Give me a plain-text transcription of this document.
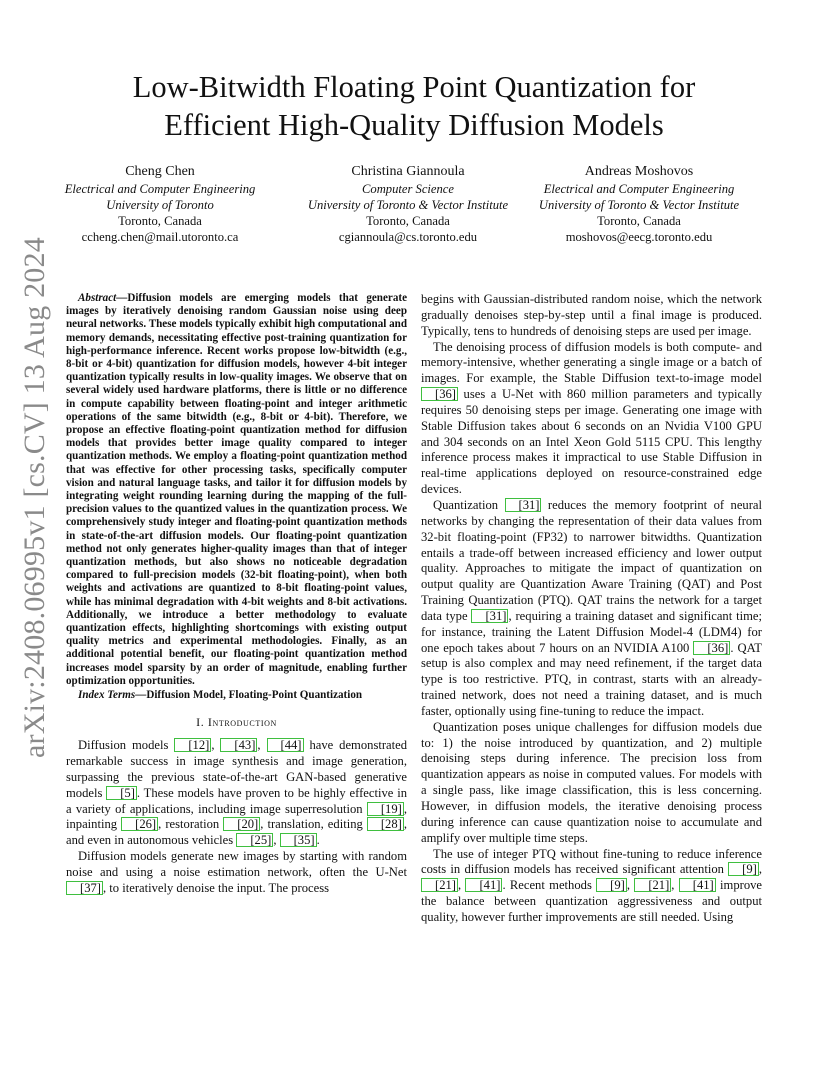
arXiv:2408.06995v1 [cs.CV] 13 Aug 2024
Low-Bitwidth Floating Point Quantization for
Efficient High-Quality Diffusion Models
Cheng Chen
Electrical and Computer Engineering
University of Toronto
Toronto, Canada
ccheng.chen@mail.utoronto.ca
Christina Giannoula
Computer Science
University of Toronto & Vector Institute
Toronto, Canada
cgiannoula@cs.toronto.edu
Andreas Moshovos
Electrical and Computer Engineering
University of Toronto & Vector Institute
Toronto, Canada
moshovos@eecg.toronto.edu

Abstract—Diffusion models are emerging models that generate images by iteratively denoising random Gaussian noise using deep neural networks. These models typically exhibit high computational and memory demands, necessitating effective post-training quantization for high-performance inference. Recent works propose low-bitwidth (e.g., 8-bit or 4-bit) quantization for diffusion models, however 4-bit integer quantization typically results in low-quality images. We observe that on several widely used hardware platforms, there is little or no difference in compute capability between floating-point and integer arithmetic operations of the same bitwidth (e.g., 8-bit or 4-bit). Therefore, we propose an effective floating-point quantization method for diffusion models that provides better image quality compared to integer quantization methods. We employ a floating-point quantization method that was effective for other processing tasks, specifically computer vision and natural language tasks, and tailor it for diffusion models by integrating weight rounding learning during the mapping of the full-precision values to the quantized values in the quantization process. We comprehensively study integer and floating-point quantization methods in state-of-the-art diffusion models. Our floating-point quantization method not only generates higher-quality images than that of integer quantization methods, but also shows no noticeable degradation compared to full-precision models (32-bit floating-point), when both weights and activations are quantized to 8-bit floating-point values, while has minimal degradation with 4-bit weights and 8-bit activations. Additionally, we introduce a better methodology to evaluate quantization effects, highlighting shortcomings with existing output quality metrics and experimental methodologies. Finally, as an additional potential benefit, our floating-point quantization method increases model sparsity by an order of magnitude, enabling further optimization opportunities.

Index Terms—Diffusion Model, Floating-Point Quantization

I. Introduction

Diffusion models [12] , [43] , [44] have demonstrated remarkable success in image synthesis and image generation, surpassing the previous state-of-the-art GAN-based generative models [5] . These models have proven to be highly effective in a variety of applications, including image superresolution [19] , inpainting [26] , restoration [20] , translation, editing [28] , and even in autonomous vehicles [25] , [35] .

Diffusion models generate new images by starting with random noise and using a noise estimation network, often the U-Net [37] , to iteratively denoise the input. The process

begins with Gaussian-distributed random noise, which the network gradually denoises step-by-step until a final image is produced. Typically, tens to hundreds of denoising steps are used per image.

The denoising process of diffusion models is both compute- and memory-intensive, whether generating a single image or a batch of images. For example, the Stable Diffusion text-to-image model [36] uses a U-Net with 860 million parameters and typically requires 50 denoising steps per image. Generating one image with Stable Diffusion takes about 6 seconds on an Nvidia V100 GPU and 304 seconds on an Intel Xeon Gold 5115 CPU. This lengthy inference process makes it impractical to use Stable Diffusion in real-time applications deployed on resource-constrained edge devices.

Quantization [31] reduces the memory footprint of neural networks by changing the representation of their data values from 32-bit floating-point (FP32) to narrower bitwidths. Quantization entails a trade-off between increased efficiency and lower output quality. Approaches to mitigate the impact of quantization on output quality are Quantization Aware Training (QAT) and Post Training Quantization (PTQ). QAT trains the network for a target data type [31] , requiring a training dataset and significant time; for instance, training the Latent Diffusion Model-4 (LDM4) for one epoch takes about 7 hours on an NVIDIA A100 [36] . QAT setup is also complex and may need refinement, if the target data type is too restrictive. PTQ, in contrast, starts with an already-trained network, does not need a training dataset, and is much faster, optionally using fine-tuning to reduce the impact.

Quantization poses unique challenges for diffusion models due to: 1) the noise introduced by quantization, and 2) multiple denoising steps during inference. The precision loss from quantization appears as noise in computed values. For models with a single pass, like image classification, this is less concerning. However, in diffusion models, the iterative denoising process during inference can cause quantization noise to accumulate and amplify over multiple time steps.

The use of integer PTQ without fine-tuning to reduce inference costs in diffusion models has received significant attention [9] , [21] , [41] . Recent methods [9] , [21] , [41] improve the balance between quantization aggressiveness and output quality, however further improvements are still needed. Using
